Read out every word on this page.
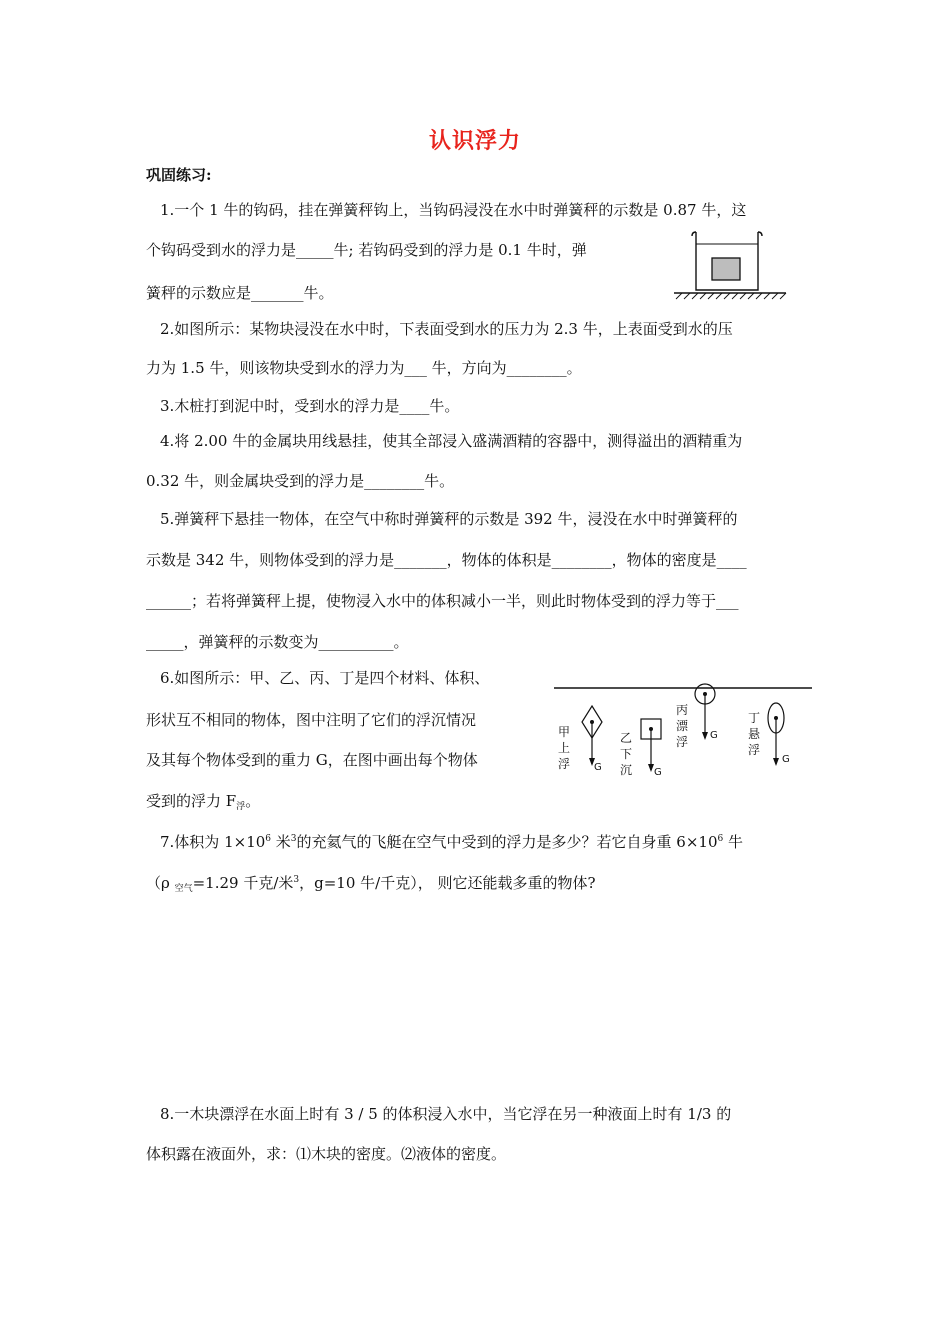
认识浮力
巩固练习:
1.一个 1 牛的钩码，挂在弹簧秤钩上，当钩码浸没在水中时弹簧秤的示数是 0.87 牛，这
个钩码受到水的浮力是_____牛; 若钩码受到的浮力是 0.1 牛时，弹
簧秤的示数应是_______牛。
2.如图所示：某物块浸没在水中时，下表面受到水的压力为 2.3 牛，上表面受到水的压
力为 1.5 牛，则该物块受到水的浮力为___ 牛，方向为________。
3.木桩打到泥中时，受到水的浮力是____牛。
4.将 2.00 牛的金属块用线悬挂，使其全部浸入盛满酒精的容器中，测得溢出的酒精重为
0.32 牛，则金属块受到的浮力是________牛。
5.弹簧秤下悬挂一物体，在空气中称时弹簧秤的示数是 392 牛，浸没在水中时弹簧秤的
示数是 342 牛，则物体受到的浮力是_______，物体的体积是________，物体的密度是____
______；若将弹簧秤上提，使物浸入水中的体积减小一半，则此时物体受到的浮力等于___
_____，弹簧秤的示数变为__________。
6.如图所示：甲、乙、丙、丁是四个材料、体积、
形状互不相同的物体，图中注明了它们的浮沉情况
及其每个物体受到的重力 G，在图中画出每个物体
受到的浮力 $F_浮$。
G
甲
上
浮
G
乙
下
沉
G
丙
漂
浮
G
丁
悬
浮
7.体积为 $1\times 10^6$ 米$^3$的充氦气的飞艇在空气中受到的浮力是多少？若它自身重 $6\times 10^6$ 牛
（ρ $_{空气}$=1.29 千克/米$^3$，g=10 牛/千克）， 则它还能载多重的物体?
8.一木块漂浮在水面上时有 3 / 5 的体积浸入水中，当它浮在另一种液面上时有 1/3 的
体积露在液面外，求：⑴木块的密度。⑵液体的密度。
